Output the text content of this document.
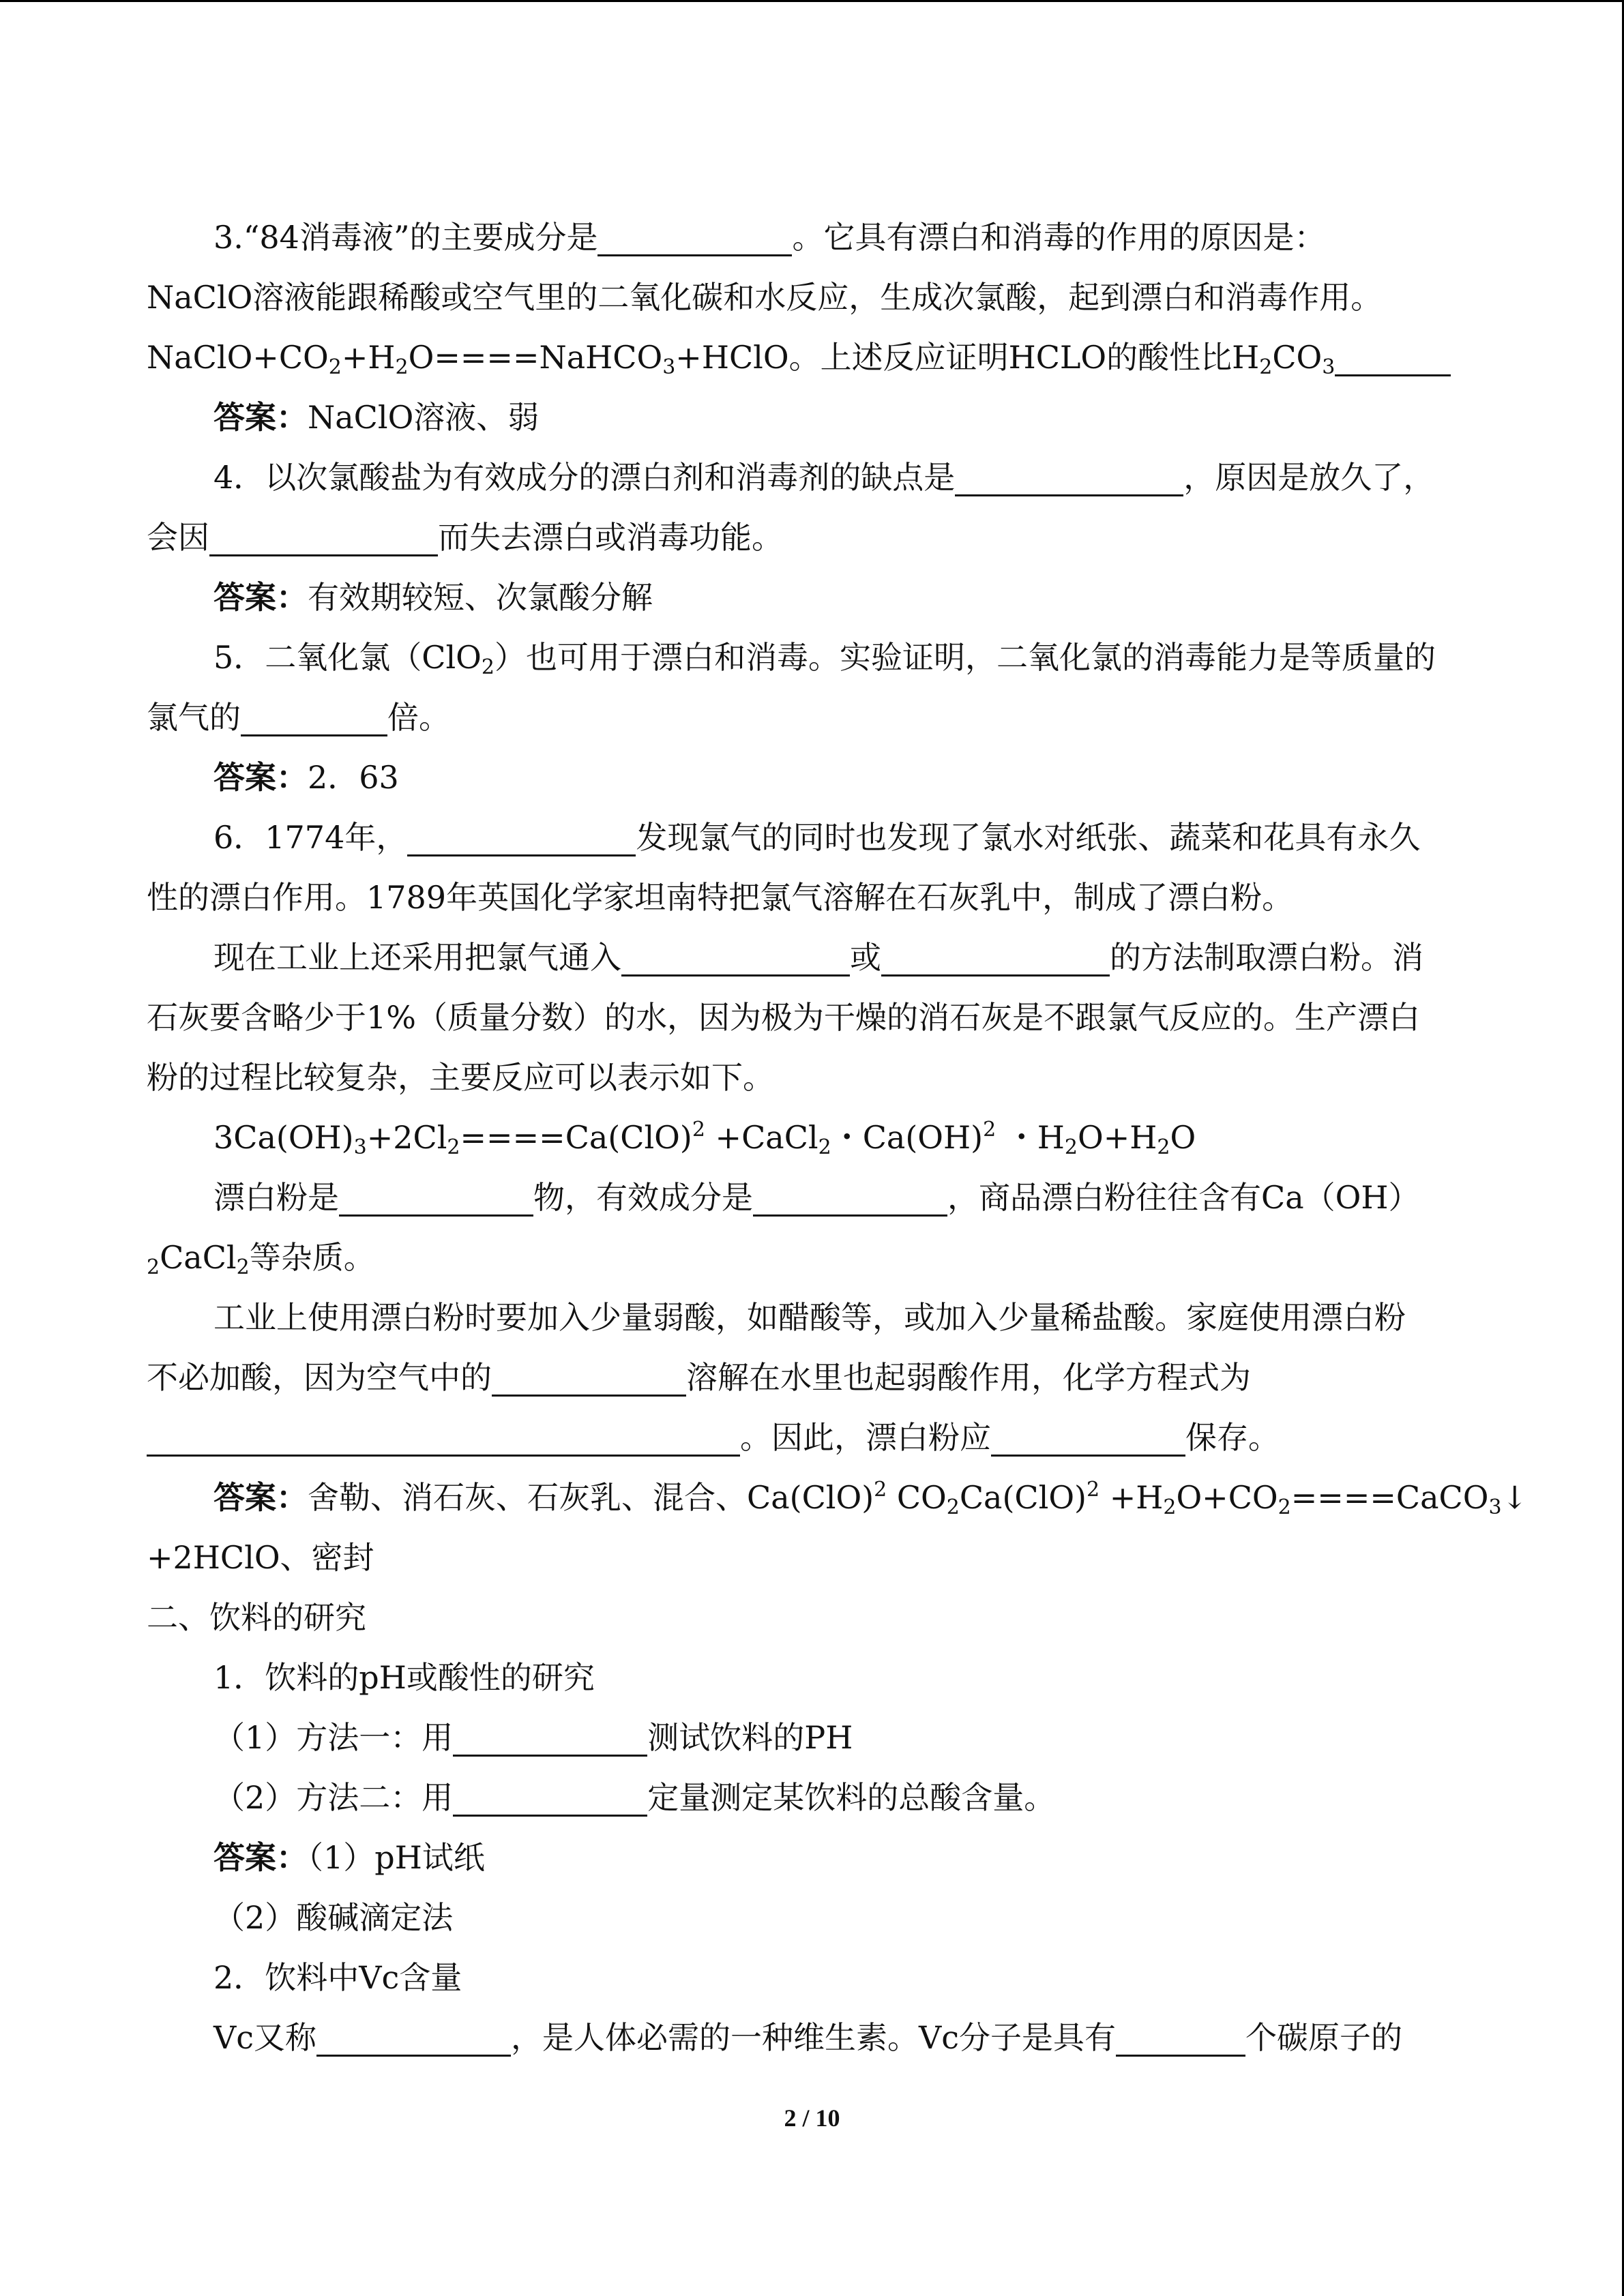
3.“84消毒液”的主要成分是	。它具有漂白和消毒的作用的原因是：
NaClO溶液能跟稀酸或空气里的二氧化碳和水反应，生成次氯酸，起到漂白和消毒作用。
$NaClO+CO_2+H_2O====NaHCO_3+HClO$。上述反应证明HCLO的酸性比$H_2CO_3$
答案：NaClO溶液、弱
4．以次氯酸盐为有效成分的漂白剂和消毒剂的缺点是	，原因是放久了，
会因	而失去漂白或消毒功能。
答案：有效期较短、次氯酸分解
5．二氧化氯（ClO$_2$）也可用于漂白和消毒。实验证明，二氧化氯的消毒能力是等质量的
氯气的	倍。
答案：2．63
6．1774年，	发现氯气的同时也发现了氯水对纸张、蔬菜和花具有永久
性的漂白作用。1789年英国化学家坦南特把氯气溶解在石灰乳中，制成了漂白粉。
现在工业上还采用把氯气通入	或	的方法制取漂白粉。消
石灰要含略少于1%（质量分数）的水，因为极为干燥的消石灰是不跟氯气反应的。生产漂白
粉的过程比较复杂，主要反应可以表示如下。
$3Ca(OH)_3+2Cl_2====Ca(ClO)^2$ +CaCl$_2$・Ca(OH)$^2$ ・$H_2O+H_2O$
漂白粉是	物，有效成分是	，商品漂白粉往往含有Ca（OH）
$_2$CaCl$_2$等杂质。
工业上使用漂白粉时要加入少量弱酸，如醋酸等，或加入少量稀盐酸。家庭使用漂白粉
不必加酸，因为空气中的	溶解在水里也起弱酸作用，化学方程式为
。因此，漂白粉应	保存。
答案：舍勒、消石灰、石灰乳、混合、Ca(ClO)$^2$ $CO_2Ca(ClO)^2$ $+H_2O+CO_2====CaCO_3↓$
+2HClO、密封
二、饮料的研究
1．饮料的pH或酸性的研究
（1）方法一：用	测试饮料的PH
（2）方法二：用	定量测定某饮料的总酸含量。
答案：（1）pH试纸
（2）酸碱滴定法
2．饮料中Vc含量
Vc又称	，是人体必需的一种维生素。Vc分子是具有	个碳原子的
2 / 10
